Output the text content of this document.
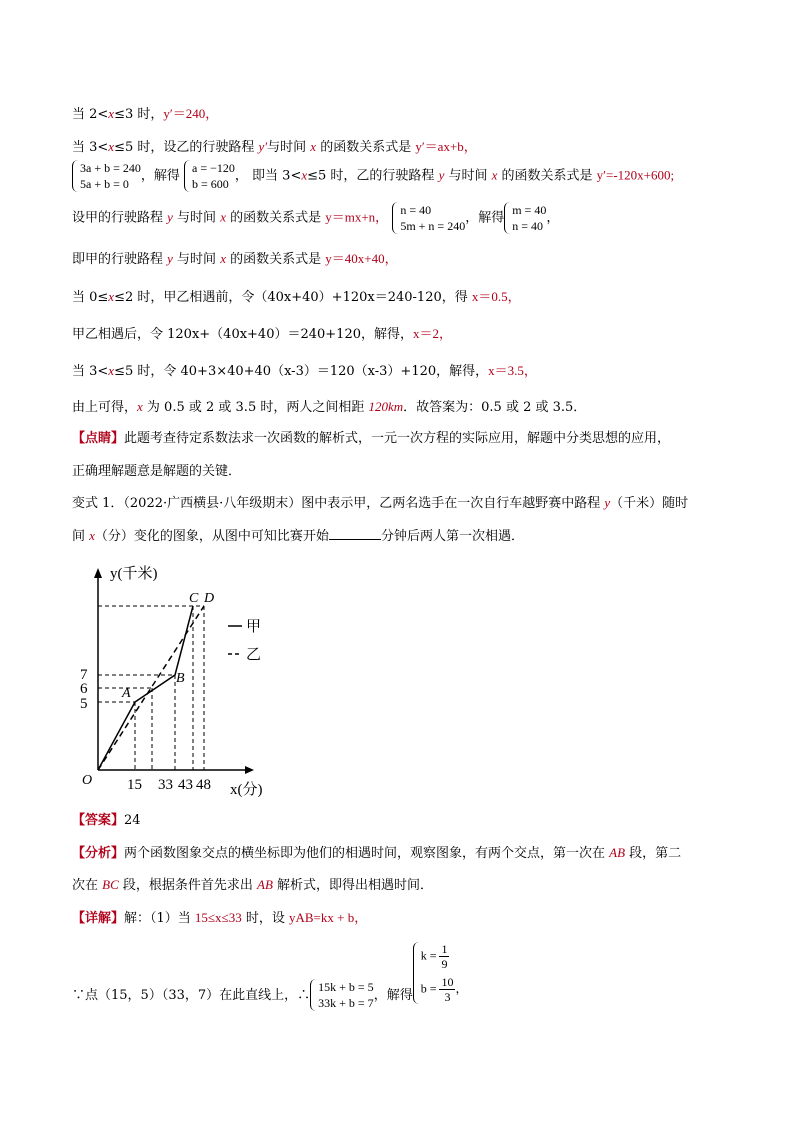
当 2<x≤3 时，y′＝240，
当 3<x≤5 时，设乙的行驶路程 y′与时间 x 的函数关系式是 y′＝ax+b，
3a + b = 240
5a + b = 0
，解得
a = −120
b = 600
， 即当 3<x≤5 时，乙的行驶路程 y 与时间 x 的函数关系式是 y′=-120x+600;
设甲的行驶路程 y 与时间 x 的函数关系式是 y＝mx+n， n = 40
5m + n = 240
，解得
m = 40
n = 40
，
即甲的行驶路程 y 与时间 x 的函数关系式是 y＝40x+40，
当 0≤x≤2 时，甲乙相遇前，令（40x+40）+120x＝240-120，得 x＝0.5，
甲乙相遇后，令 120x+（40x+40）＝240+120，解得，x＝2，
当 3<x≤5 时，令 40+3×40+40（x-3）＝120（x-3）+120，解得，x＝3.5，
由上可得，x 为 0.5 或 2 或 3.5 时，两人之间相距 120km．故答案为：0.5 或 2 或 3.5．
【点睛】此题考查待定系数法求一次函数的解析式，一元一次方程的实际应用，解题中分类思想的应用，
正确理解题意是解题的关键．
变式 1．（2022·广西横县·八年级期末）图中表示甲，乙两名选手在一次自行车越野赛中路程 y（千米）随时
间 x（分）变化的图象，从图中可知比赛开始	分钟后两人第一次相遇．
y(千米)
x(分)
O
7
6
5
15 33 43 48
A
B
C D
甲
乙
【答案】24
【分析】两个函数图象交点的横坐标即为他们的相遇时间，观察图象，有两个交点，第一次在 AB 段，第二
次在 BC 段，根据条件首先求出 AB 解析式，即得出相遇时间．
【详解】解：（1）当 15≤x≤33 时，设 yAB=kx + b，
∵点（15，5）（33，7）在此直线上，∴
15k + b = 5
33k + b = 7
，解得
$k = \frac{1}{9}$
$b = \frac{10}{3}$ ，
